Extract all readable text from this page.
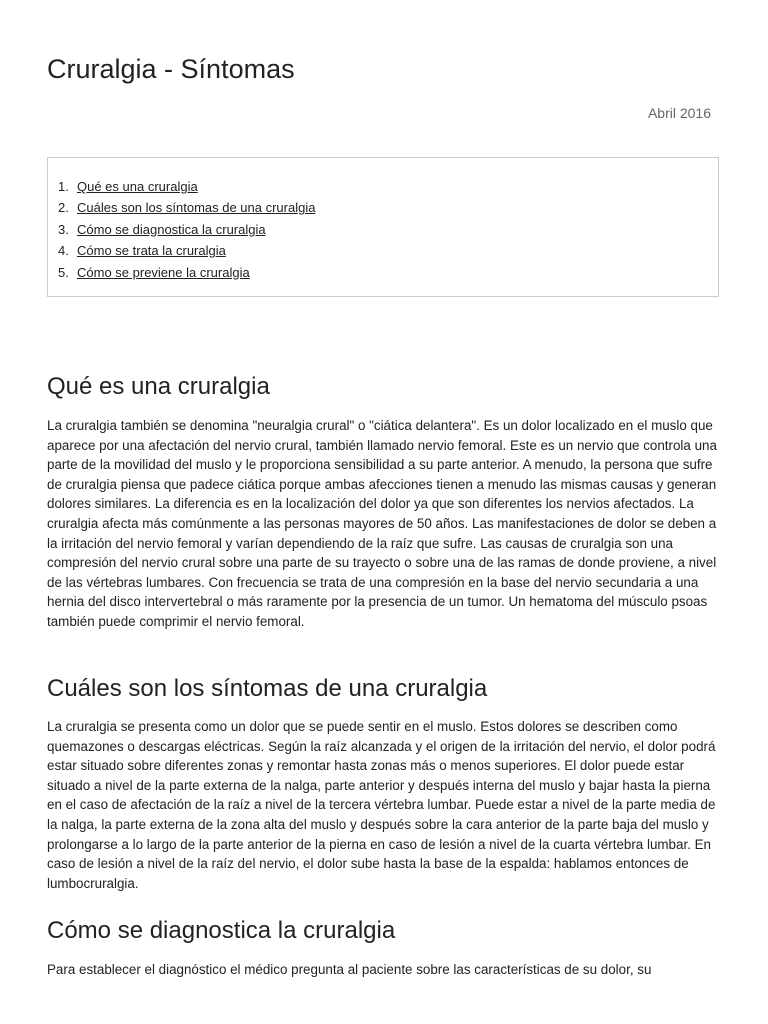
Cruralgia - Síntomas
Abril 2016
1. Qué es una cruralgia
2. Cuáles son los síntomas de una cruralgia
3. Cómo se diagnostica la cruralgia
4. Cómo se trata la cruralgia
5. Cómo se previene la cruralgia
Qué es una cruralgia

La cruralgia también se denomina "neuralgia crural" o "ciática delantera". Es un dolor localizado en el muslo que aparece por una afectación del nervio crural, también llamado nervio femoral. Este es un nervio que controla una parte de la movilidad del muslo y le proporciona sensibilidad a su parte anterior. A menudo, la persona que sufre de cruralgia piensa que padece ciática porque ambas afecciones tienen a menudo las mismas causas y generan dolores similares. La diferencia es en la localización del dolor ya que son diferentes los nervios afectados. La cruralgia afecta más comúnmente a las personas mayores de 50 años. Las manifestaciones de dolor se deben a la irritación del nervio femoral y varían dependiendo de la raíz que sufre. Las causas de cruralgia son una compresión del nervio crural sobre una parte de su trayecto o sobre una de las ramas de donde proviene, a nivel de las vértebras lumbares. Con frecuencia se trata de una compresión en la base del nervio secundaria a una hernia del disco intervertebral o más raramente por la presencia de un tumor. Un hematoma del músculo psoas también puede comprimir el nervio femoral.

Cuáles son los síntomas de una cruralgia

La cruralgia se presenta como un dolor que se puede sentir en el muslo. Estos dolores se describen como quemazones o descargas eléctricas. Según la raíz alcanzada y el origen de la irritación del nervio, el dolor podrá estar situado sobre diferentes zonas y remontar hasta zonas más o menos superiores. El dolor puede estar situado a nivel de la parte externa de la nalga, parte anterior y después interna del muslo y bajar hasta la pierna en el caso de afectación de la raíz a nivel de la tercera vértebra lumbar. Puede estar a nivel de la parte media de la nalga, la parte externa de la zona alta del muslo y después sobre la cara anterior de la parte baja del muslo y prolongarse a lo largo de la parte anterior de la pierna en caso de lesión a nivel de la cuarta vértebra lumbar. En caso de lesión a nivel de la raíz del nervio, el dolor sube hasta la base de la espalda: hablamos entonces de lumbocruralgia.

Cómo se diagnostica la cruralgia

Para establecer el diagnóstico el médico pregunta al paciente sobre las características de su dolor, su
